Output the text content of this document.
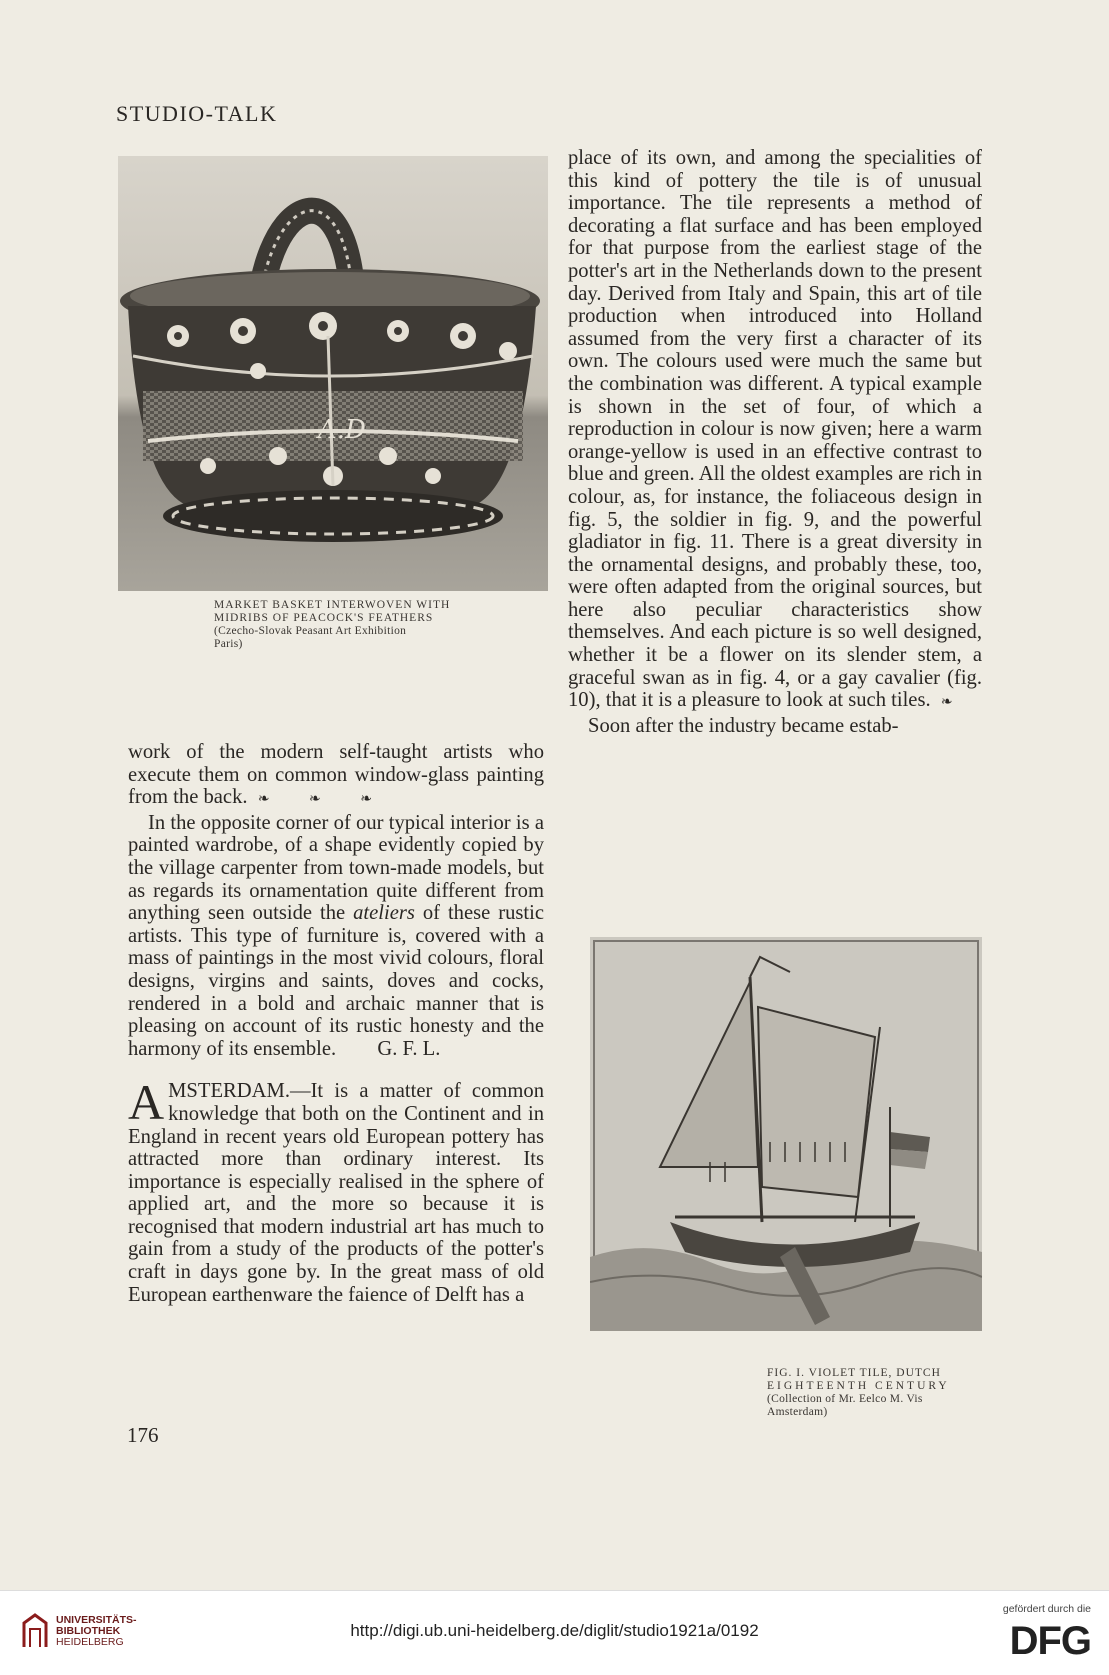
STUDIO-TALK
A.D
MARKET BASKET INTERWOVEN WITH
MIDRIBS OF PEACOCK'S FEATHERS

(Czecho-Slovak Peasant Art Exhibition
Paris)

work of the modern self-taught artists who execute them on common window-glass painting from the back. ❧ ❧ ❧

In the opposite corner of our typical interior is a painted wardrobe, of a shape evidently copied by the village carpenter from town-made models, but as regards its ornamentation quite different from anything seen outside the ateliers of these rustic artists. This type of furniture is, covered with a mass of paintings in the most vivid colours, floral designs, virgins and saints, doves and cocks, rendered in a bold and archaic manner that is pleasing on account of its rustic honesty and the harmony of its ensemble. G. F. L.

AMSTERDAM.—It is a matter of common knowledge that both on the Continent and in England in recent years old European pottery has attracted more than ordinary interest. Its importance is especially realised in the sphere of applied art, and the more so because it is recognised that modern industrial art has much to gain from a study of the products of the potter's craft in days gone by. In the great mass of old European earthenware the faience of Delft has a

place of its own, and among the specialities of this kind of pottery the tile is of unusual importance. The tile represents a method of decorating a flat surface and has been employed for that purpose from the earliest stage of the potter's art in the Netherlands down to the present day. Derived from Italy and Spain, this art of tile production when introduced into Holland assumed from the very first a character of its own. The colours used were much the same but the combination was different. A typical example is shown in the set of four, of which a reproduction in colour is now given; here a warm orange-yellow is used in an effective contrast to blue and green. All the oldest examples are rich in colour, as, for instance, the foliaceous design in fig. 5, the soldier in fig. 9, and the powerful gladiator in fig. 11. There is a great diversity in the ornamental designs, and probably these, too, were often adapted from the original sources, but here also peculiar characteristics show themselves. And each picture is so well designed, whether it be a flower on its slender stem, a graceful swan as in fig. 4, or a gay cavalier (fig. 10), that it is a pleasure to look at such tiles. ❧

Soon after the industry became estab-

FIG. I. VIOLET TILE, DUTCH
EIGHTEENTH CENTURY

(Collection of Mr. Eelco M. Vis
Amsterdam)
176
UNIVERSITÄTS-
BIBLIOTHEK
HEIDELBERG
http://digi.ub.uni-heidelberg.de/diglit/studio1921a/0192
gefördert durch die
DFG
